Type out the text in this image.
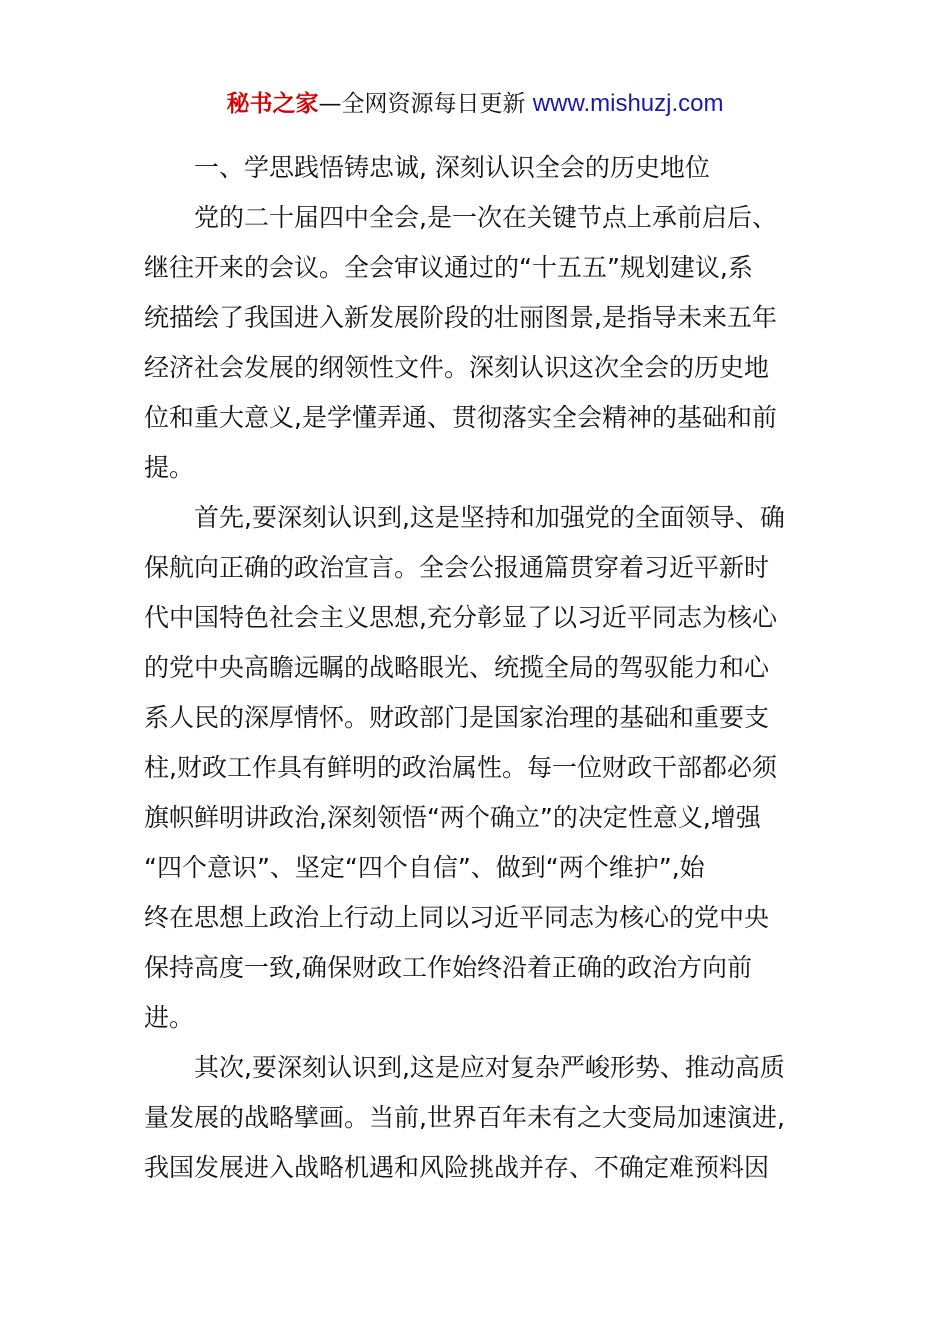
秘书之家—全网资源每日更新 www.mishuzj.com
　　一、学思践悟铸忠诚, 深刻认识全会的历史地位
　　党的二十届四中全会,是一次在关键节点上承前启后、
继往开来的会议。全会审议通过的“十五五”规划建议,系
统描绘了我国进入新发展阶段的壮丽图景,是指导未来五年
经济社会发展的纲领性文件。深刻认识这次全会的历史地
位和重大意义,是学懂弄通、贯彻落实全会精神的基础和前
提。
　　首先,要深刻认识到,这是坚持和加强党的全面领导、确
保航向正确的政治宣言。全会公报通篇贯穿着习近平新时
代中国特色社会主义思想,充分彰显了以习近平同志为核心
的党中央高瞻远瞩的战略眼光、统揽全局的驾驭能力和心
系人民的深厚情怀。财政部门是国家治理的基础和重要支
柱,财政工作具有鲜明的政治属性。每一位财政干部都必须
旗帜鲜明讲政治,深刻领悟“两个确立”的决定性意义,增强
“四个意识”、坚定“四个自信”、做到“两个维护”,始
终在思想上政治上行动上同以习近平同志为核心的党中央
保持高度一致,确保财政工作始终沿着正确的政治方向前
进。
　　其次,要深刻认识到,这是应对复杂严峻形势、推动高质
量发展的战略擘画。当前,世界百年未有之大变局加速演进,
我国发展进入战略机遇和风险挑战并存、不确定难预料因
